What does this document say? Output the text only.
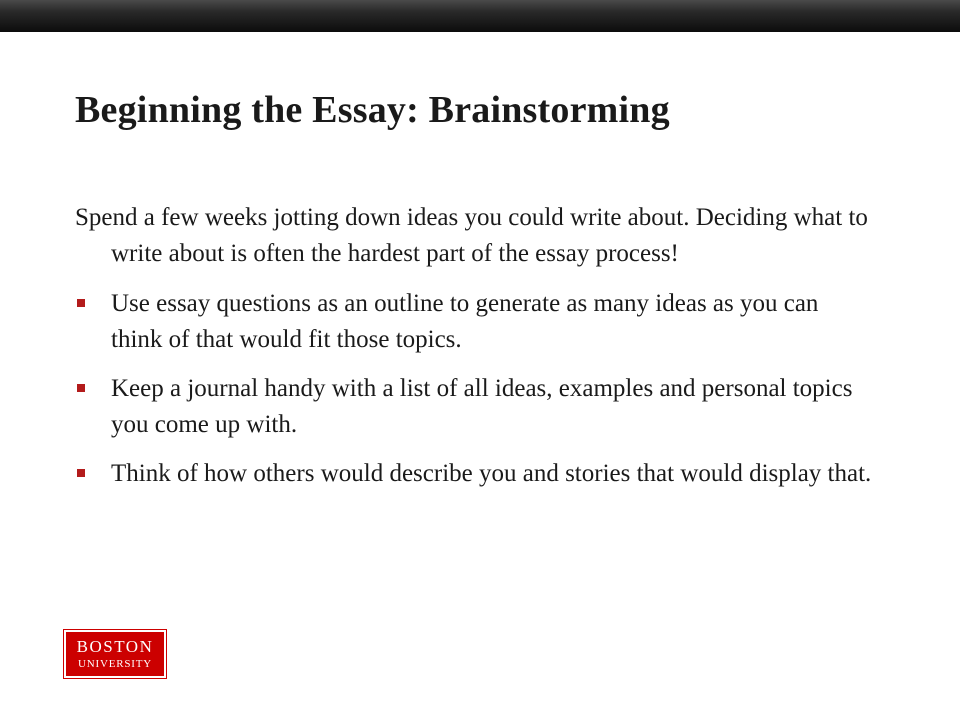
Beginning the Essay: Brainstorming

Spend a few weeks jotting down ideas you could write about. Deciding what to write about is often the hardest part of the essay process!

Use essay questions as an outline to generate as many ideas as you can think of that would fit those topics.
Keep a journal handy with a list of all ideas, examples and personal topics you come up with.
Think of how others would describe you and stories that would display that.
BOSTON
UNIVERSITY
